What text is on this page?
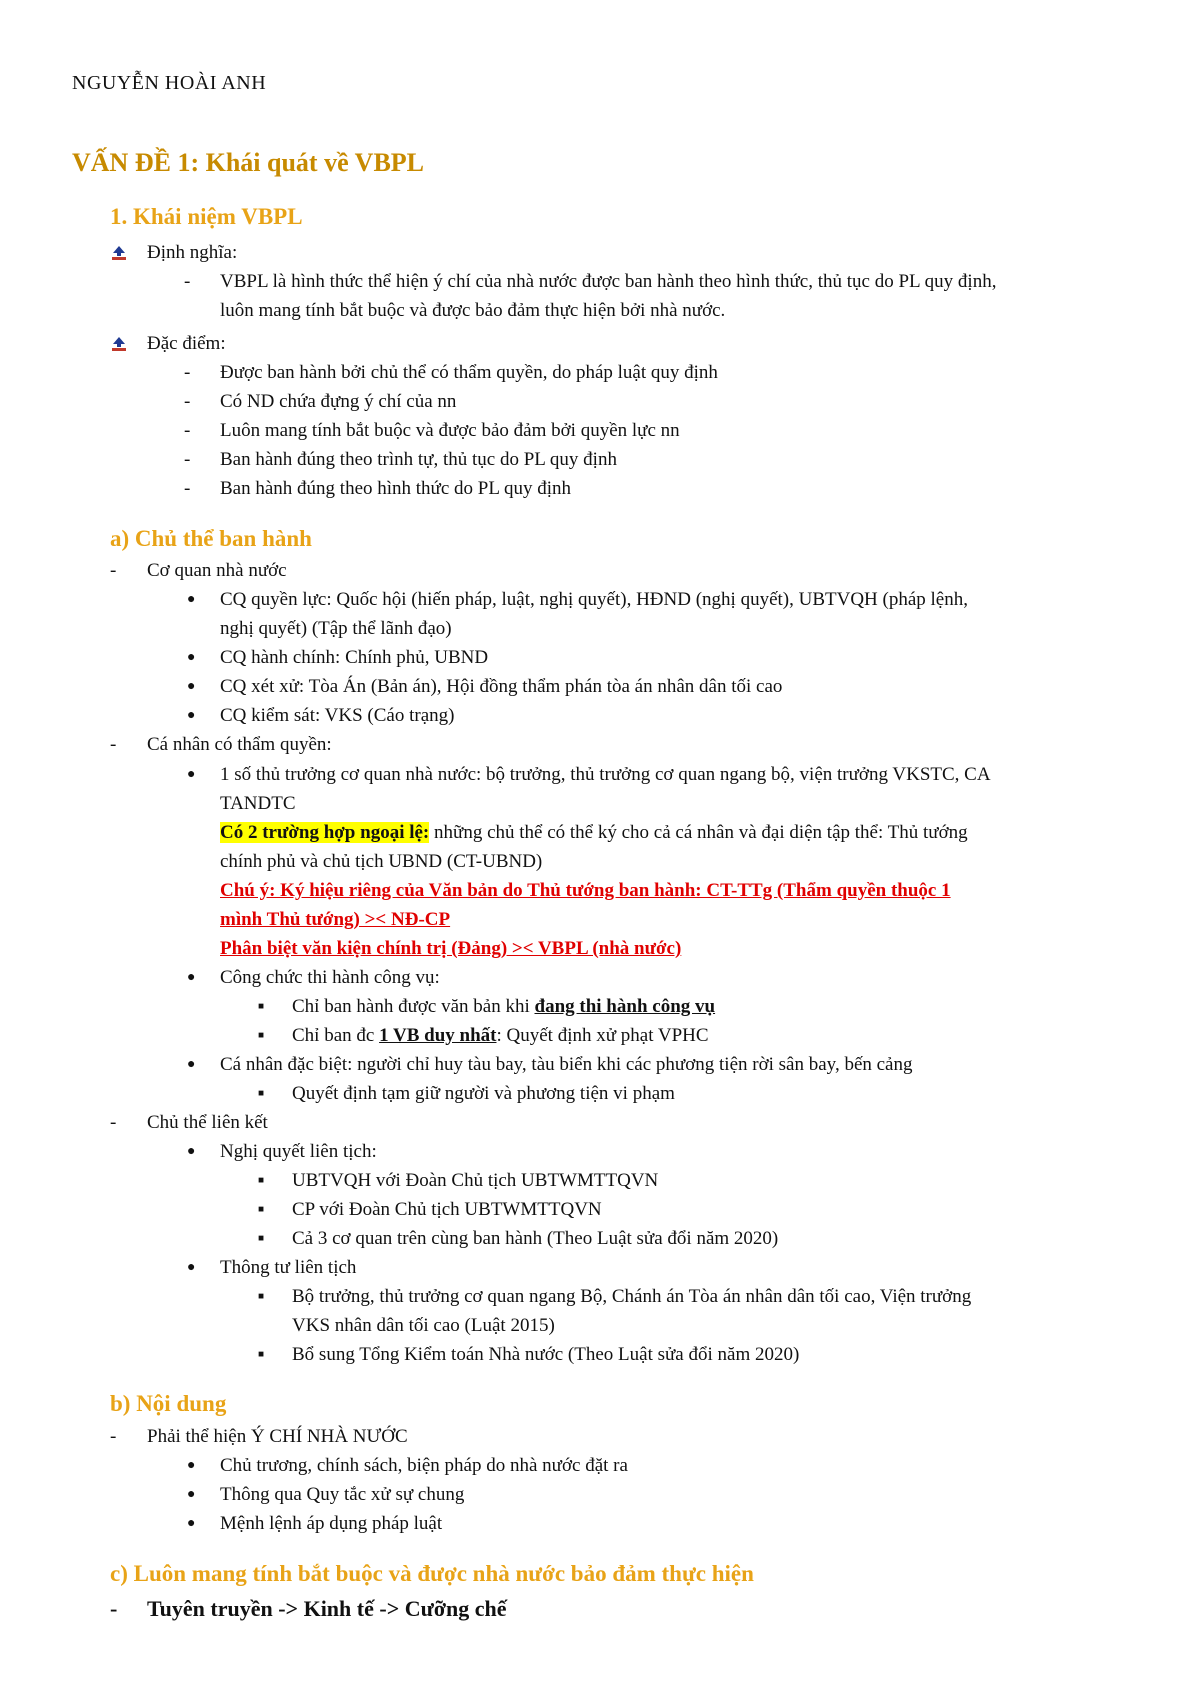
NGUYỄN HOÀI ANH
VẤN ĐỀ 1: Khái quát về VBPL
1. Khái niệm VBPL
Định nghĩa:
- VBPL là hình thức thể hiện ý chí của nhà nước được ban hành theo hình thức, thủ tục do PL quy định,
luôn mang tính bắt buộc và được bảo đảm thực hiện bởi nhà nước.
Đặc điểm:
- Được ban hành bởi chủ thể có thẩm quyền, do pháp luật quy định
- Có ND chứa đựng ý chí của nn
- Luôn mang tính bắt buộc và được bảo đảm bởi quyền lực nn
- Ban hành đúng theo trình tự, thủ tục do PL quy định
- Ban hành đúng theo hình thức do PL quy định
a) Chủ thể ban hành
- Cơ quan nhà nước
● CQ quyền lực: Quốc hội (hiến pháp, luật, nghị quyết), HĐND (nghị quyết), UBTVQH (pháp lệnh,
nghị quyết) (Tập thể lãnh đạo)
● CQ hành chính: Chính phủ, UBND
● CQ xét xử: Tòa Án (Bản án), Hội đồng thẩm phán tòa án nhân dân tối cao
● CQ kiểm sát: VKS (Cáo trạng)
- Cá nhân có thẩm quyền:
● 1 số thủ trưởng cơ quan nhà nước: bộ trưởng, thủ trưởng cơ quan ngang bộ, viện trưởng VKSTC, CA
TANDTC
Có 2 trường hợp ngoại lệ: những chủ thể có thể ký cho cả cá nhân và đại diện tập thể: Thủ tướng
chính phủ và chủ tịch UBND (CT-UBND)
Chú ý: Ký hiệu riêng của Văn bản do Thủ tướng ban hành: CT-TTg (Thẩm quyền thuộc 1
mình Thủ tướng) >< NĐ-CP
Phân biệt văn kiện chính trị (Đảng) >< VBPL (nhà nước)
● Công chức thi hành công vụ:
■ Chỉ ban hành được văn bản khi đang thi hành công vụ
■ Chỉ ban đc 1 VB duy nhất: Quyết định xử phạt VPHC
● Cá nhân đặc biệt: người chỉ huy tàu bay, tàu biển khi các phương tiện rời sân bay, bến cảng
■ Quyết định tạm giữ người và phương tiện vi phạm
- Chủ thể liên kết
● Nghị quyết liên tịch:
■ UBTVQH với Đoàn Chủ tịch UBTWMTTQVN
■ CP với Đoàn Chủ tịch UBTWMTTQVN
■ Cả 3 cơ quan trên cùng ban hành (Theo Luật sửa đổi năm 2020)
● Thông tư liên tịch
■ Bộ trưởng, thủ trưởng cơ quan ngang Bộ, Chánh án Tòa án nhân dân tối cao, Viện trưởng
VKS nhân dân tối cao (Luật 2015)
■ Bổ sung Tổng Kiểm toán Nhà nước (Theo Luật sửa đổi năm 2020)
b) Nội dung
- Phải thể hiện Ý CHÍ NHÀ NƯỚC
● Chủ trương, chính sách, biện pháp do nhà nước đặt ra
● Thông qua Quy tắc xử sự chung
● Mệnh lệnh áp dụng pháp luật
c) Luôn mang tính bắt buộc và được nhà nước bảo đảm thực hiện
- Tuyên truyền -> Kinh tế -> Cưỡng chế
